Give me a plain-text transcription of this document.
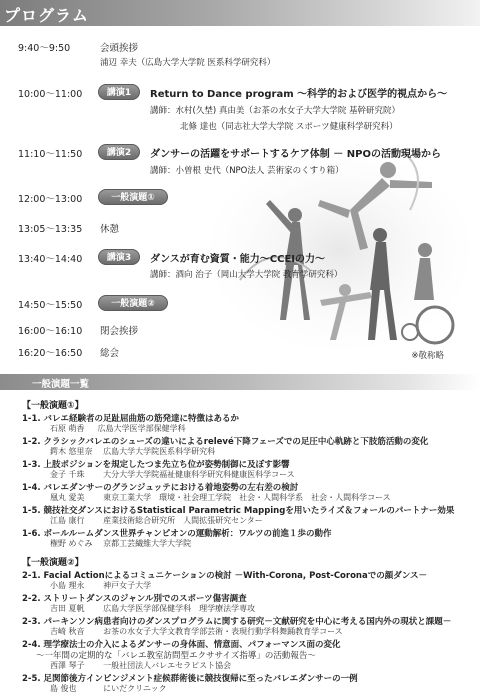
プログラム
9:40～9:50	会頭挨拶
浦辺 幸夫（広島大学大学院 医系科学研究科）
10:00～11:00	講演1	Return to Dance program ～科学的および医学的視点から～
講師：水村(久埜) 真由美（お茶の水女子大学大学院 基幹研究院）
北條 達也（同志社大学大学院 スポーツ健康科学研究科）
11:10～11:50	講演2	ダンサーの活躍をサポートするケア体制 － NPOの活動現場から
講師：小曽根 史代（NPO法人 芸術家のくすり箱）
12:00～13:00	一般演題①
13:05～13:35 休憩
13:40～14:40	講演3	ダンスが育む資質・能力～CCEIの力～
講師：酒向 治子（岡山大学大学院 教育学研究科）
14:50～15:50	一般演題②
16:00～16:10 閉会挨拶
16:20～16:50 総会	※敬称略
一般演題一覧
【一般演題①】
1-1. バレエ経験者の足趾屈曲筋の筋発達に特徴はあるか
石原 萌香 　 広島大学医学部保健学科
1-2. クラシックバレエのシューズの違いによるrelevé下降フェーズでの足圧中心軌跡と下肢筋活動の変化
鍔木 悠里奈　 広島大学大学院医系科学研究科
1-3. 上肢ポジションを規定したつま先立ち位が姿勢制御に及ぼす影響
金子 千珠　　 大分大学大学院福祉健康科学研究科健康医科学コース
1-4. バレエダンサーのグランジュッテにおける着地姿勢の左右差の検討
凰丸 愛美　　 東京工業大学　環境・社会理工学院　社会・人間科学系　社会・人間科学コース
1-5. 競技社交ダンスにおけるStatistical Parametric Mappingを用いたライズ＆フォールのパートナー効果
江島 康行　　 産業技術総合研究所　人間拡張研究センター
1-6. ボールルームダンス世界チャンピオンの運動解析：ワルツの前進１歩の動作
権野 めぐみ　 京都工芸繊維大学大学院
【一般演題②】
2-1. Facial Actionによるコミュニケーションの検討 －With-Corona, Post-Coronaでの顔ダンス－
小島 理永　　 神戸女子大学
2-2. ストリートダンスのジャンル別でのスポーツ傷害調査
吉田 夏帆　　 広島大学医学部保健学科　理学療法学専攻
2-3. パーキンソン病患者向けのダンスプログラムに関する研究－文献研究を中心に考える国内外の現状と課題－
吉崎 秋音　　 お茶の水女子大学文教育学部芸術・表現行動学科舞踊教育学コース
2-4. 理学療法士の介入によるダンサーの身体面、情意面、パフォーマンス面の変化
～一年間の定期的な「バレエ教室訪問型エクササイズ指導」の活動報告～
西澤 琴子　　 一般社団法人バレエセラピスト協会
2-5. 足関節後方インピンジメント症候群術後に競技復帰に至ったバレエダンサーの一例
島 俊也　　　 にいだクリニック
